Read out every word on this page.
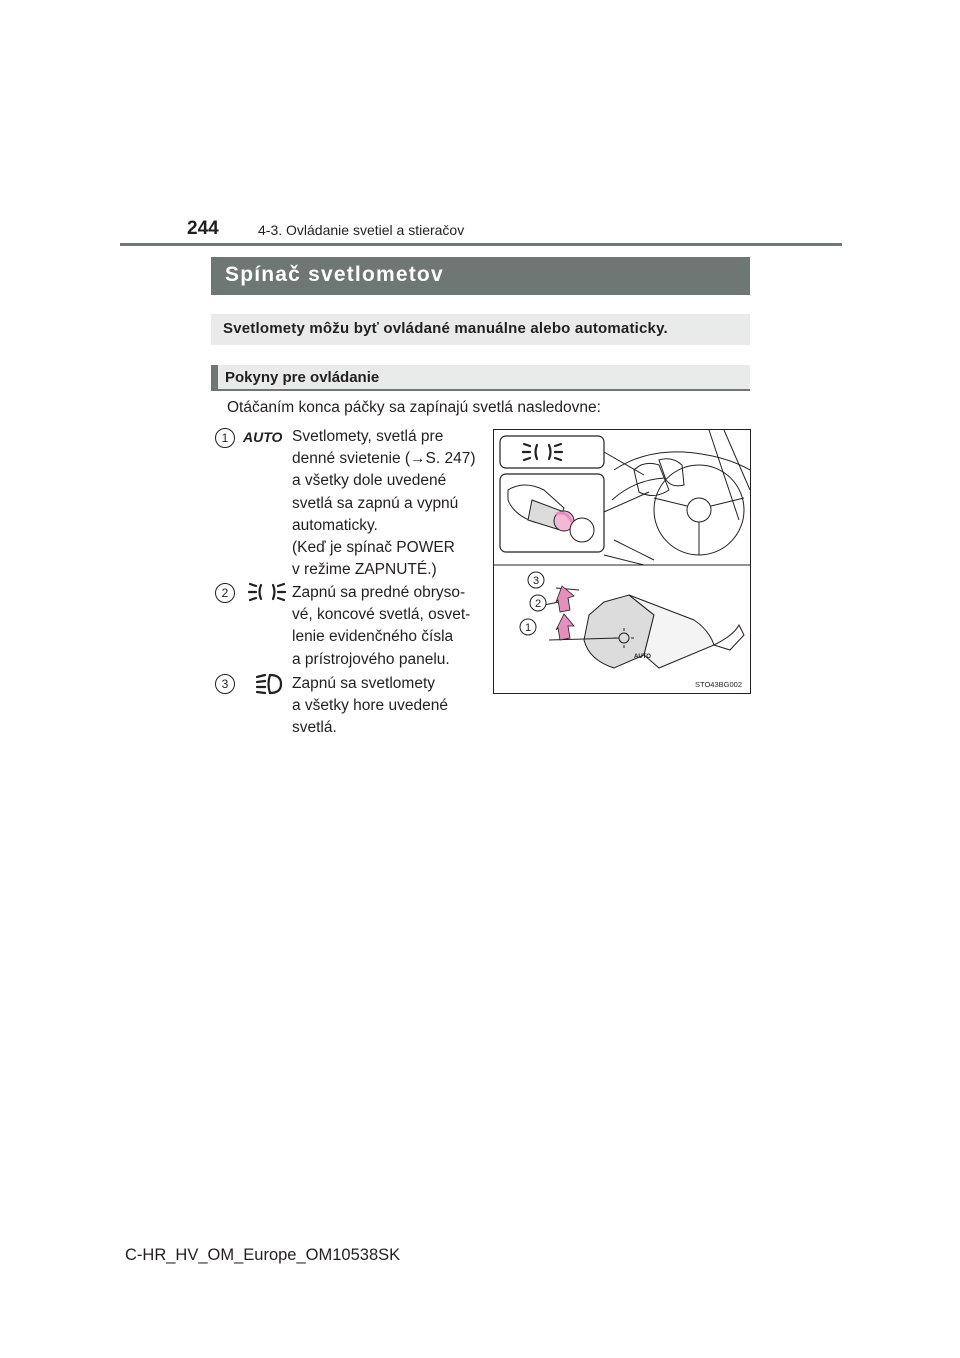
244	4-3. Ovládanie svetiel a stieračov
Spínač svetlometov
Svetlomety môžu byť ovládané manuálne alebo automaticky.
Pokyny pre ovládanie
Otáčaním konca páčky sa zapínajú svetlá nasledovne:
1	AUTO Svetlomety, svetlá pre
denné svietenie (→S. 247)
a všetky dole uvedené
svetlá sa zapnú a vypnú
automaticky.
(Keď je spínač POWER
v režime ZAPNUTÉ.)
2	Zapnú sa predné obryso-
vé, koncové svetlá, osvet-
lenie evidenčného čísla
a prístrojového panelu.
3	Zapnú sa svetlomety
a všetky hore uvedené
svetlá.
AUTO
3
2
1
STO43BG002
C-HR_HV_OM_Europe_OM10538SK
